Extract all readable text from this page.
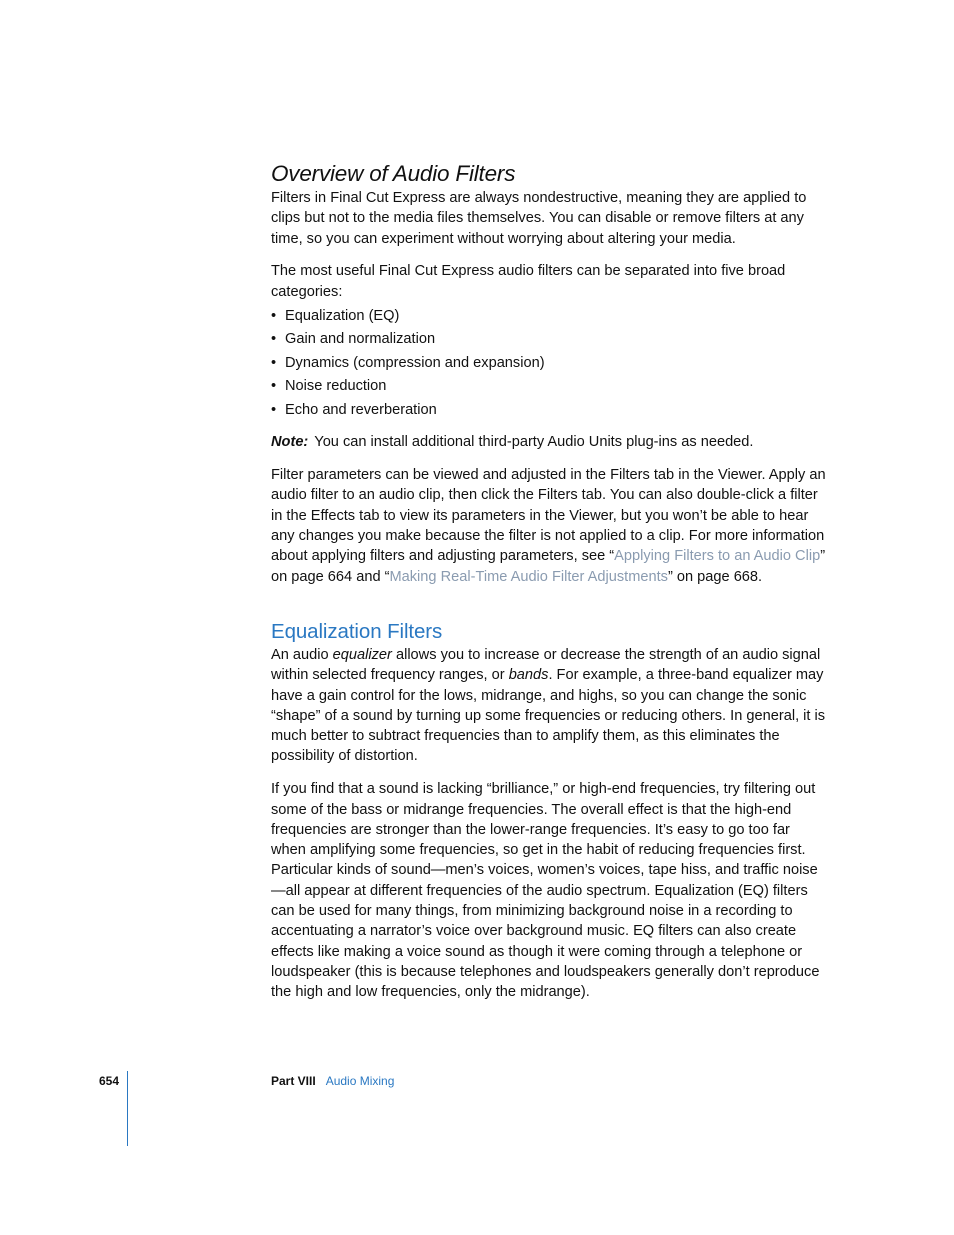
Overview of Audio Filters

Filters in Final Cut Express are always nondestructive, meaning they are applied to clips but not to the media files themselves. You can disable or remove filters at any time, so you can experiment without worrying about altering your media.

The most useful Final Cut Express audio filters can be separated into five broad categories:

• Equalization (EQ)
• Gain and normalization
• Dynamics (compression and expansion)
• Noise reduction
• Echo and reverberation

Note: You can install additional third-party Audio Units plug-ins as needed.

Filter parameters can be viewed and adjusted in the Filters tab in the Viewer. Apply an audio filter to an audio clip, then click the Filters tab. You can also double-click a filter in the Effects tab to view its parameters in the Viewer, but you won’t be able to hear any changes you make because the filter is not applied to a clip. For more information about applying filters and adjusting parameters, see “Applying Filters to an Audio Clip” on page 664 and “Making Real-Time Audio Filter Adjustments” on page 668.

Equalization Filters

An audio equalizer allows you to increase or decrease the strength of an audio signal within selected frequency ranges, or bands. For example, a three-band equalizer may have a gain control for the lows, midrange, and highs, so you can change the sonic “shape” of a sound by turning up some frequencies or reducing others. In general, it is much better to subtract frequencies than to amplify them, as this eliminates the possibility of distortion.

If you find that a sound is lacking “brilliance,” or high-end frequencies, try filtering out some of the bass or midrange frequencies. The overall effect is that the high-end frequencies are stronger than the lower-range frequencies. It’s easy to go too far when amplifying some frequencies, so get in the habit of reducing frequencies first. Particular kinds of sound—men’s voices, women’s voices, tape hiss, and traffic noise—all appear at different frequencies of the audio spectrum. Equalization (EQ) filters can be used for many things, from minimizing background noise in a recording to accentuating a narrator’s voice over background music. EQ filters can also create effects like making a voice sound as though it were coming through a telephone or loudspeaker (this is because telephones and loudspeakers generally don’t reproduce the high and low frequencies, only the midrange).

654	Part VIII Audio Mixing
